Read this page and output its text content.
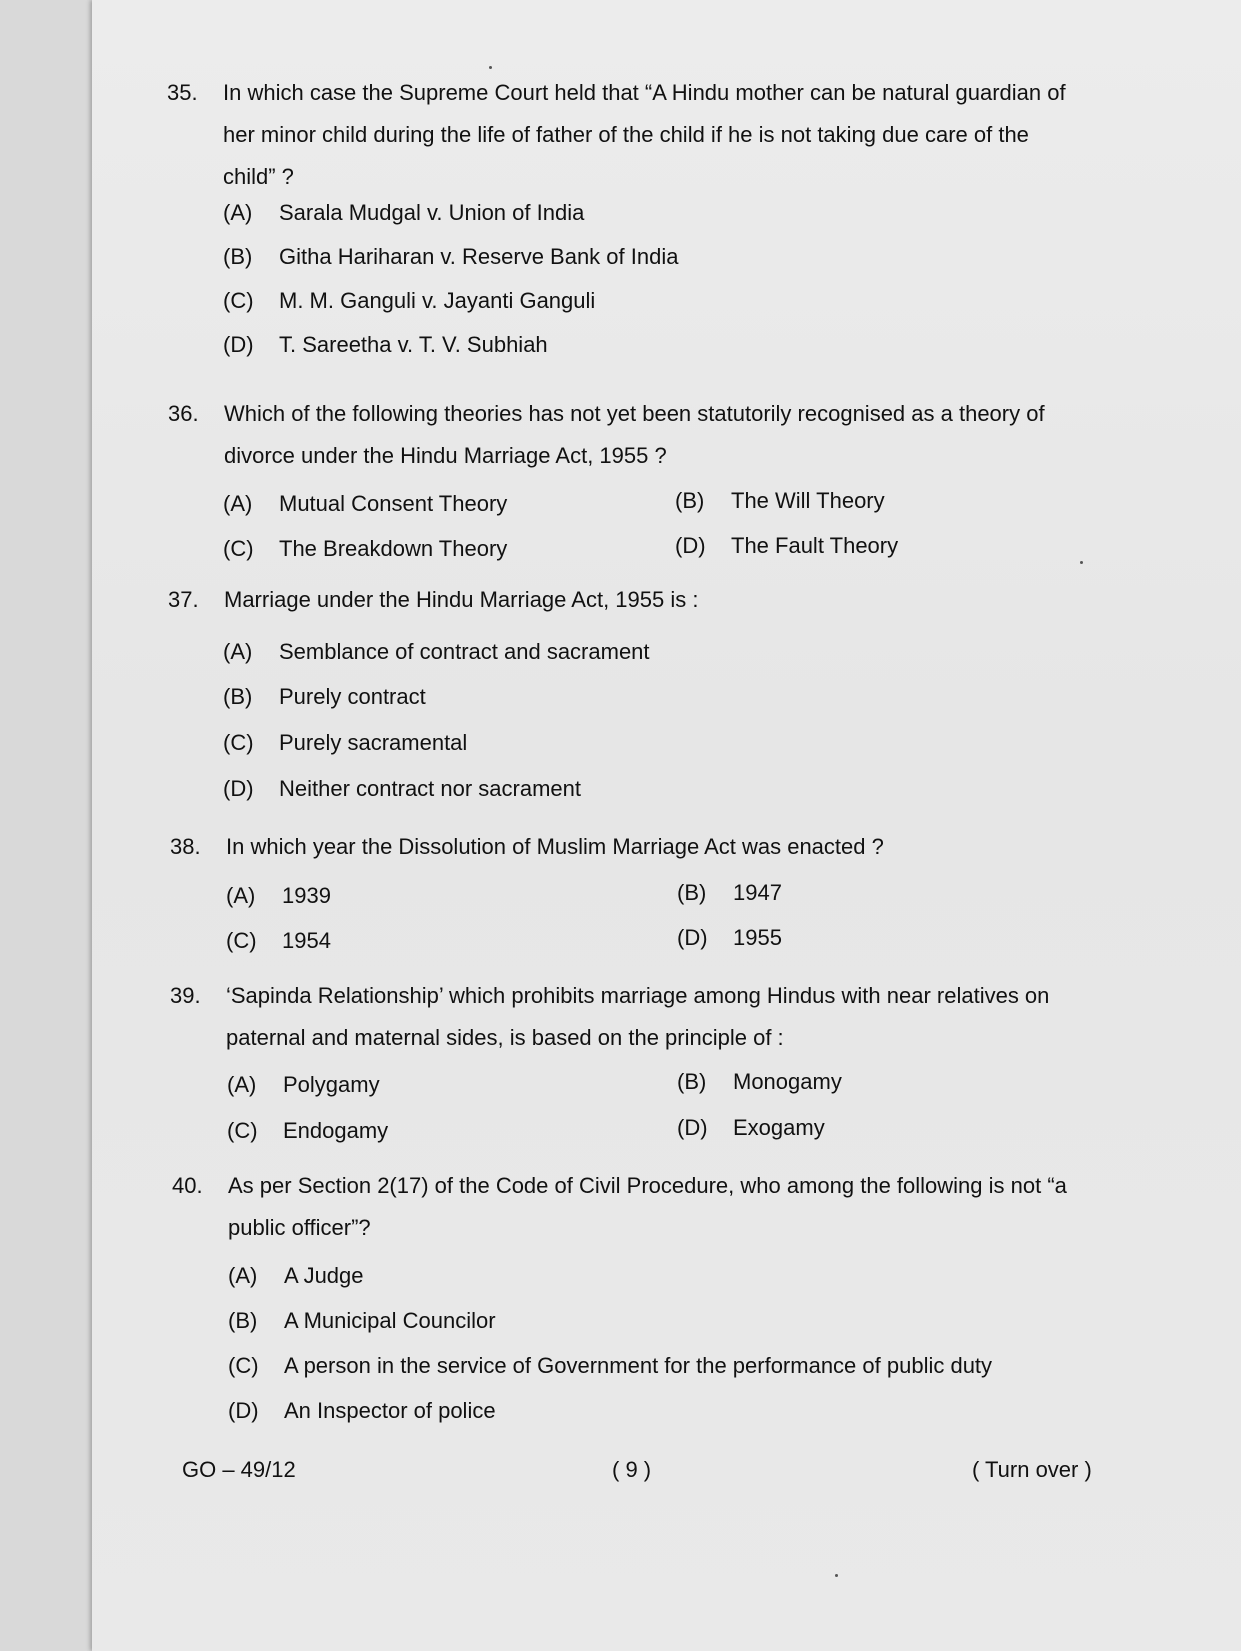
35.	In which case the Supreme Court held that “A Hindu mother can be natural guardian of her minor child during the life of father of the child if he is not taking due care of the child” ?
(A) Sarala Mudgal v. Union of India
(B) Githa Hariharan v. Reserve Bank of India
(C) M. M. Ganguli v. Jayanti Ganguli
(D) T. Sareetha v. T. V. Subhiah
36.	Which of the following theories has not yet been statutorily recognised as a theory of divorce under the Hindu Marriage Act, 1955 ?
(A) Mutual Consent Theory	(B) The Will Theory
(C) The Breakdown Theory	(D) The Fault Theory
37.	Marriage under the Hindu Marriage Act, 1955 is :
(A) Semblance of contract and sacrament
(B) Purely contract
(C) Purely sacramental
(D) Neither contract nor sacrament
38.	In which year the Dissolution of Muslim Marriage Act was enacted ?
(A) 1939	(B) 1947
(C) 1954	(D) 1955
39.	‘Sapinda Relationship’ which prohibits marriage among Hindus with near relatives on paternal and maternal sides, is based on the principle of :
(A) Polygamy	(B) Monogamy
(C) Endogamy	(D) Exogamy
40.	As per Section 2(17) of the Code of Civil Procedure, who among the following is not “a public officer”?
(A) A Judge
(B) A Municipal Councilor
(C) A person in the service of Government for the performance of public duty
(D) An Inspector of police
GO – 49/12	( 9 )	( Turn over )
